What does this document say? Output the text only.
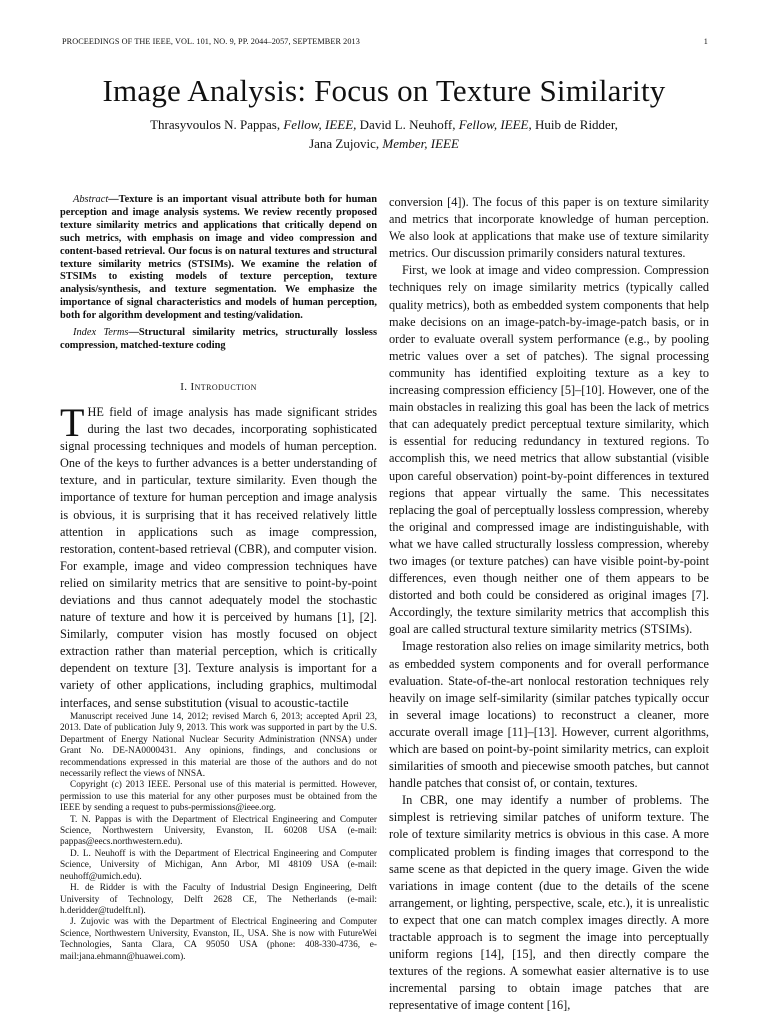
PROCEEDINGS OF THE IEEE, VOL. 101, NO. 9, PP. 2044–2057, SEPTEMBER 2013	1
Image Analysis: Focus on Texture Similarity
Thrasyvoulos N. Pappas, Fellow, IEEE, David L. Neuhoff, Fellow, IEEE, Huib de Ridder,
Jana Zujovic, Member, IEEE

Abstract—Texture is an important visual attribute both for human perception and image analysis systems. We review recently proposed texture similarity metrics and applications that critically depend on such metrics, with emphasis on image and video compression and content-based retrieval. Our focus is on natural textures and structural texture similarity metrics (STSIMs). We examine the relation of STSIMs to existing models of texture perception, texture analysis/synthesis, and texture segmentation. We emphasize the importance of signal characteristics and models of human perception, both for algorithm development and testing/validation.

Index Terms—Structural similarity metrics, structurally lossless compression, matched-texture coding

I. Introduction

THE field of image analysis has made significant strides during the last two decades, incorporating sophisticated signal processing techniques and models of human perception. One of the keys to further advances is a better understanding of texture, and in particular, texture similarity. Even though the importance of texture for human perception and image analysis is obvious, it is surprising that it has received relatively little attention in applications such as image compression, restoration, content-based retrieval (CBR), and computer vision. For example, image and video compression techniques have relied on similarity metrics that are sensitive to point-by-point deviations and thus cannot adequately model the stochastic nature of texture and how it is perceived by humans [1], [2]. Similarly, computer vision has mostly focused on object extraction rather than material perception, which is critically dependent on texture [3]. Texture analysis is important for a variety of other applications, including graphics, multimodal interfaces, and sense substitution (visual to acoustic-tactile

Manuscript received June 14, 2012; revised March 6, 2013; accepted April 23, 2013. Date of publication July 9, 2013. This work was supported in part by the U.S. Department of Energy National Nuclear Security Administration (NNSA) under Grant No. DE-NA0000431. Any opinions, findings, and conclusions or recommendations expressed in this material are those of the authors and do not necessarily reflect the views of NNSA.

Copyright (c) 2013 IEEE. Personal use of this material is permitted. However, permission to use this material for any other purposes must be obtained from the IEEE by sending a request to pubs-permissions@ieee.org.

T. N. Pappas is with the Department of Electrical Engineering and Computer Science, Northwestern University, Evanston, IL 60208 USA (e-mail: pappas@eecs.northwestern.edu).

D. L. Neuhoff is with the Department of Electrical Engineering and Computer Science, University of Michigan, Ann Arbor, MI 48109 USA (e-mail: neuhoff@umich.edu).

H. de Ridder is with the Faculty of Industrial Design Engineering, Delft University of Technology, Delft 2628 CE, The Netherlands (e-mail: h.deridder@tudelft.nl).

J. Zujovic was with the Department of Electrical Engineering and Computer Science, Northwestern University, Evanston, IL, USA. She is now with FutureWei Technologies, Santa Clara, CA 95050 USA (phone: 408-330-4736, e-mail:jana.ehmann@huawei.com).

conversion [4]). The focus of this paper is on texture similarity and metrics that incorporate knowledge of human perception. We also look at applications that make use of texture similarity metrics. Our discussion primarily considers natural textures.

First, we look at image and video compression. Compression techniques rely on image similarity metrics (typically called quality metrics), both as embedded system components that help make decisions on an image-patch-by-image-patch basis, or in order to evaluate overall system performance (e.g., by pooling metric values over a set of patches). The signal processing community has identified exploiting texture as a key to increasing compression efficiency [5]–[10]. However, one of the main obstacles in realizing this goal has been the lack of metrics that can adequately predict perceptual texture similarity, which is essential for reducing redundancy in textured regions. To accomplish this, we need metrics that allow substantial (visible upon careful observation) point-by-point differences in textured regions that appear virtually the same. This necessitates replacing the goal of perceptually lossless compression, whereby the original and compressed image are indistinguishable, with what we have called structurally lossless compression, whereby two images (or texture patches) can have visible point-by-point differences, even though neither one of them appears to be distorted and both could be considered as original images [7]. Accordingly, the texture similarity metrics that accomplish this goal are called structural texture similarity metrics (STSIMs).

Image restoration also relies on image similarity metrics, both as embedded system components and for overall performance evaluation. State-of-the-art nonlocal restoration techniques rely heavily on image self-similarity (similar patches typically occur in several image locations) to reconstruct a cleaner, more accurate overall image [11]–[13]. However, current algorithms, which are based on point-by-point similarity metrics, can exploit similarities of smooth and piecewise smooth patches, but cannot handle patches that consist of, or contain, textures.

In CBR, one may identify a number of problems. The simplest is retrieving similar patches of uniform texture. The role of texture similarity metrics is obvious in this case. A more complicated problem is finding images that correspond to the same scene as that depicted in the query image. Given the wide variations in image content (due to the details of the scene arrangement, or lighting, perspective, scale, etc.), it is unrealistic to expect that one can match complex images directly. A more tractable approach is to segment the image into perceptually uniform regions [14], [15], and then directly compare the textures of the regions. A somewhat easier alternative is to use incremental parsing to obtain image patches that are representative of image content [16],
